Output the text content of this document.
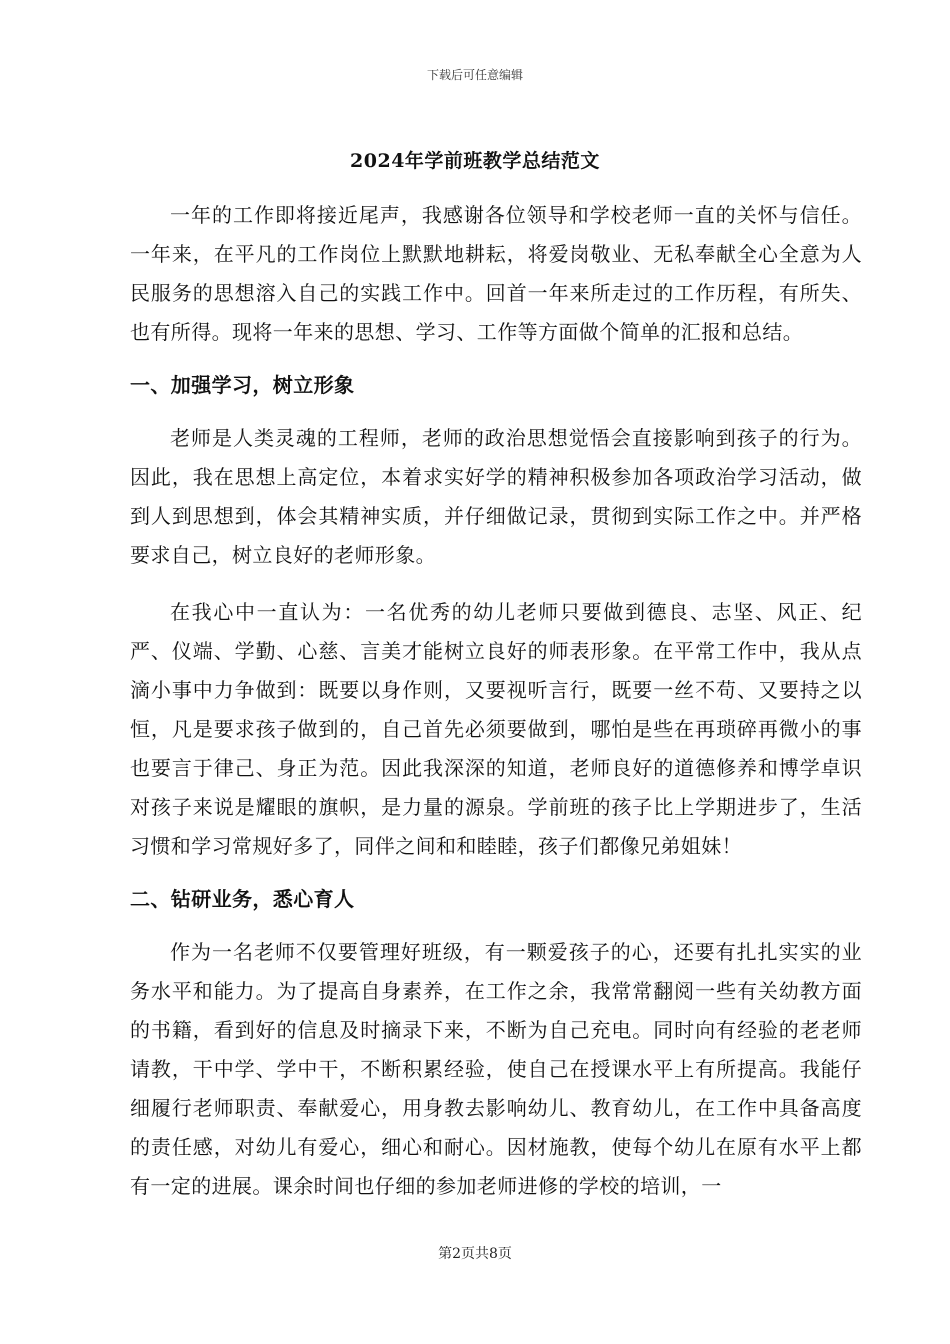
下载后可任意编辑
2024年学前班教学总结范文

一年的工作即将接近尾声，我感谢各位领导和学校老师一直的关怀与信任。一年来，在平凡的工作岗位上默默地耕耘，将爱岗敬业、无私奉献全心全意为人民服务的思想溶入自己的实践工作中。回首一年来所走过的工作历程，有所失、也有所得。现将一年来的思想、学习、工作等方面做个简单的汇报和总结。

一、加强学习，树立形象

老师是人类灵魂的工程师，老师的政治思想觉悟会直接影响到孩子的行为。因此，我在思想上高定位，本着求实好学的精神积极参加各项政治学习活动，做到人到思想到，体会其精神实质，并仔细做记录，贯彻到实际工作之中。并严格要求自己，树立良好的老师形象。

在我心中一直认为：一名优秀的幼儿老师只要做到德良、志坚、风正、纪严、仪端、学勤、心慈、言美才能树立良好的师表形象。在平常工作中，我从点滴小事中力争做到：既要以身作则，又要视听言行，既要一丝不苟、又要持之以恒，凡是要求孩子做到的，自己首先必须要做到，哪怕是些在再琐碎再微小的事也要言于律己、身正为范。因此我深深的知道，老师良好的道德修养和博学卓识对孩子来说是耀眼的旗帜，是力量的源泉。学前班的孩子比上学期进步了，生活习惯和学习常规好多了，同伴之间和和睦睦，孩子们都像兄弟姐妹！

二、钻研业务，悉心育人

作为一名老师不仅要管理好班级，有一颗爱孩子的心，还要有扎扎实实的业务水平和能力。为了提高自身素养，在工作之余，我常常翻阅一些有关幼教方面的书籍，看到好的信息及时摘录下来，不断为自己充电。同时向有经验的老老师请教，干中学、学中干，不断积累经验，使自己在授课水平上有所提高。我能仔细履行老师职责、奉献爱心，用身教去影响幼儿、教育幼儿，在工作中具备高度的责任感，对幼儿有爱心，细心和耐心。因材施教，使每个幼儿在原有水平上都有一定的进展。课余时间也仔细的参加老师进修的学校的培训，一

第2页共8页
